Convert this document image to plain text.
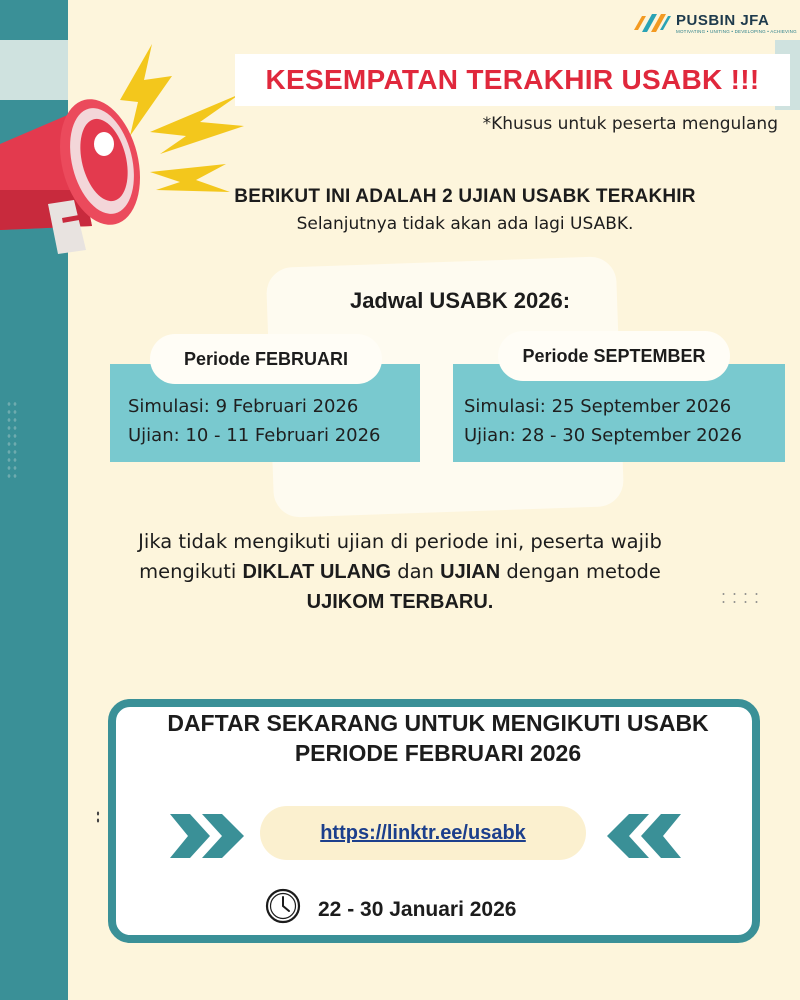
PUSBIN JFA
MOTIVATING • UNITING • DEVELOPING • ACHIEVING
KESEMPATAN TERAKHIR USABK !!!
*Khusus untuk peserta mengulang
BERIKUT INI ADALAH 2 UJIAN USABK TERAKHIR
Selanjutnya tidak akan ada lagi USABK.
Jadwal USABK 2026:
Periode FEBRUARI	Periode SEPTEMBER
Simulasi: 9 Februari 2026
Ujian: 10 - 11 Februari 2026
Simulasi: 25 September 2026
Ujian: 28 - 30 September 2026
Jika tidak mengikuti ujian di periode ini, peserta wajib mengikuti DIKLAT ULANG dan UJIAN dengan metode
UJIKOM TERBARU.
DAFTAR SEKARANG UNTUK MENGIKUTI USABK
PERIODE FEBRUARI 2026
https://linktr.ee/usabk
22 - 30 Januari 2026
